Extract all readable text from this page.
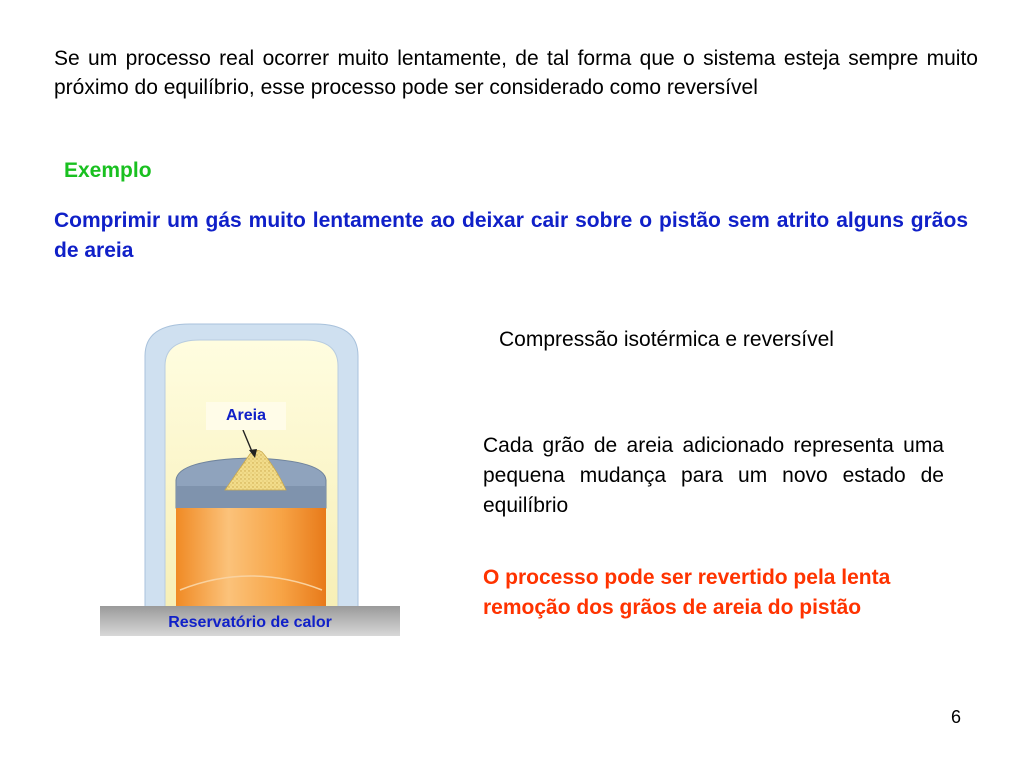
Se um processo real ocorrer muito lentamente, de tal forma que o sistema esteja sempre muito próximo do equilíbrio, esse processo pode ser considerado como reversível
Exemplo
Comprimir um gás muito lentamente ao deixar cair sobre o pistão sem atrito alguns grãos de areia
Areia
Reservatório de calor
Compressão isotérmica e reversível
Cada grão de areia adicionado representa uma pequena mudança para um novo estado de equilíbrio
O processo pode ser revertido pela lenta remoção dos grãos de areia do pistão
6
